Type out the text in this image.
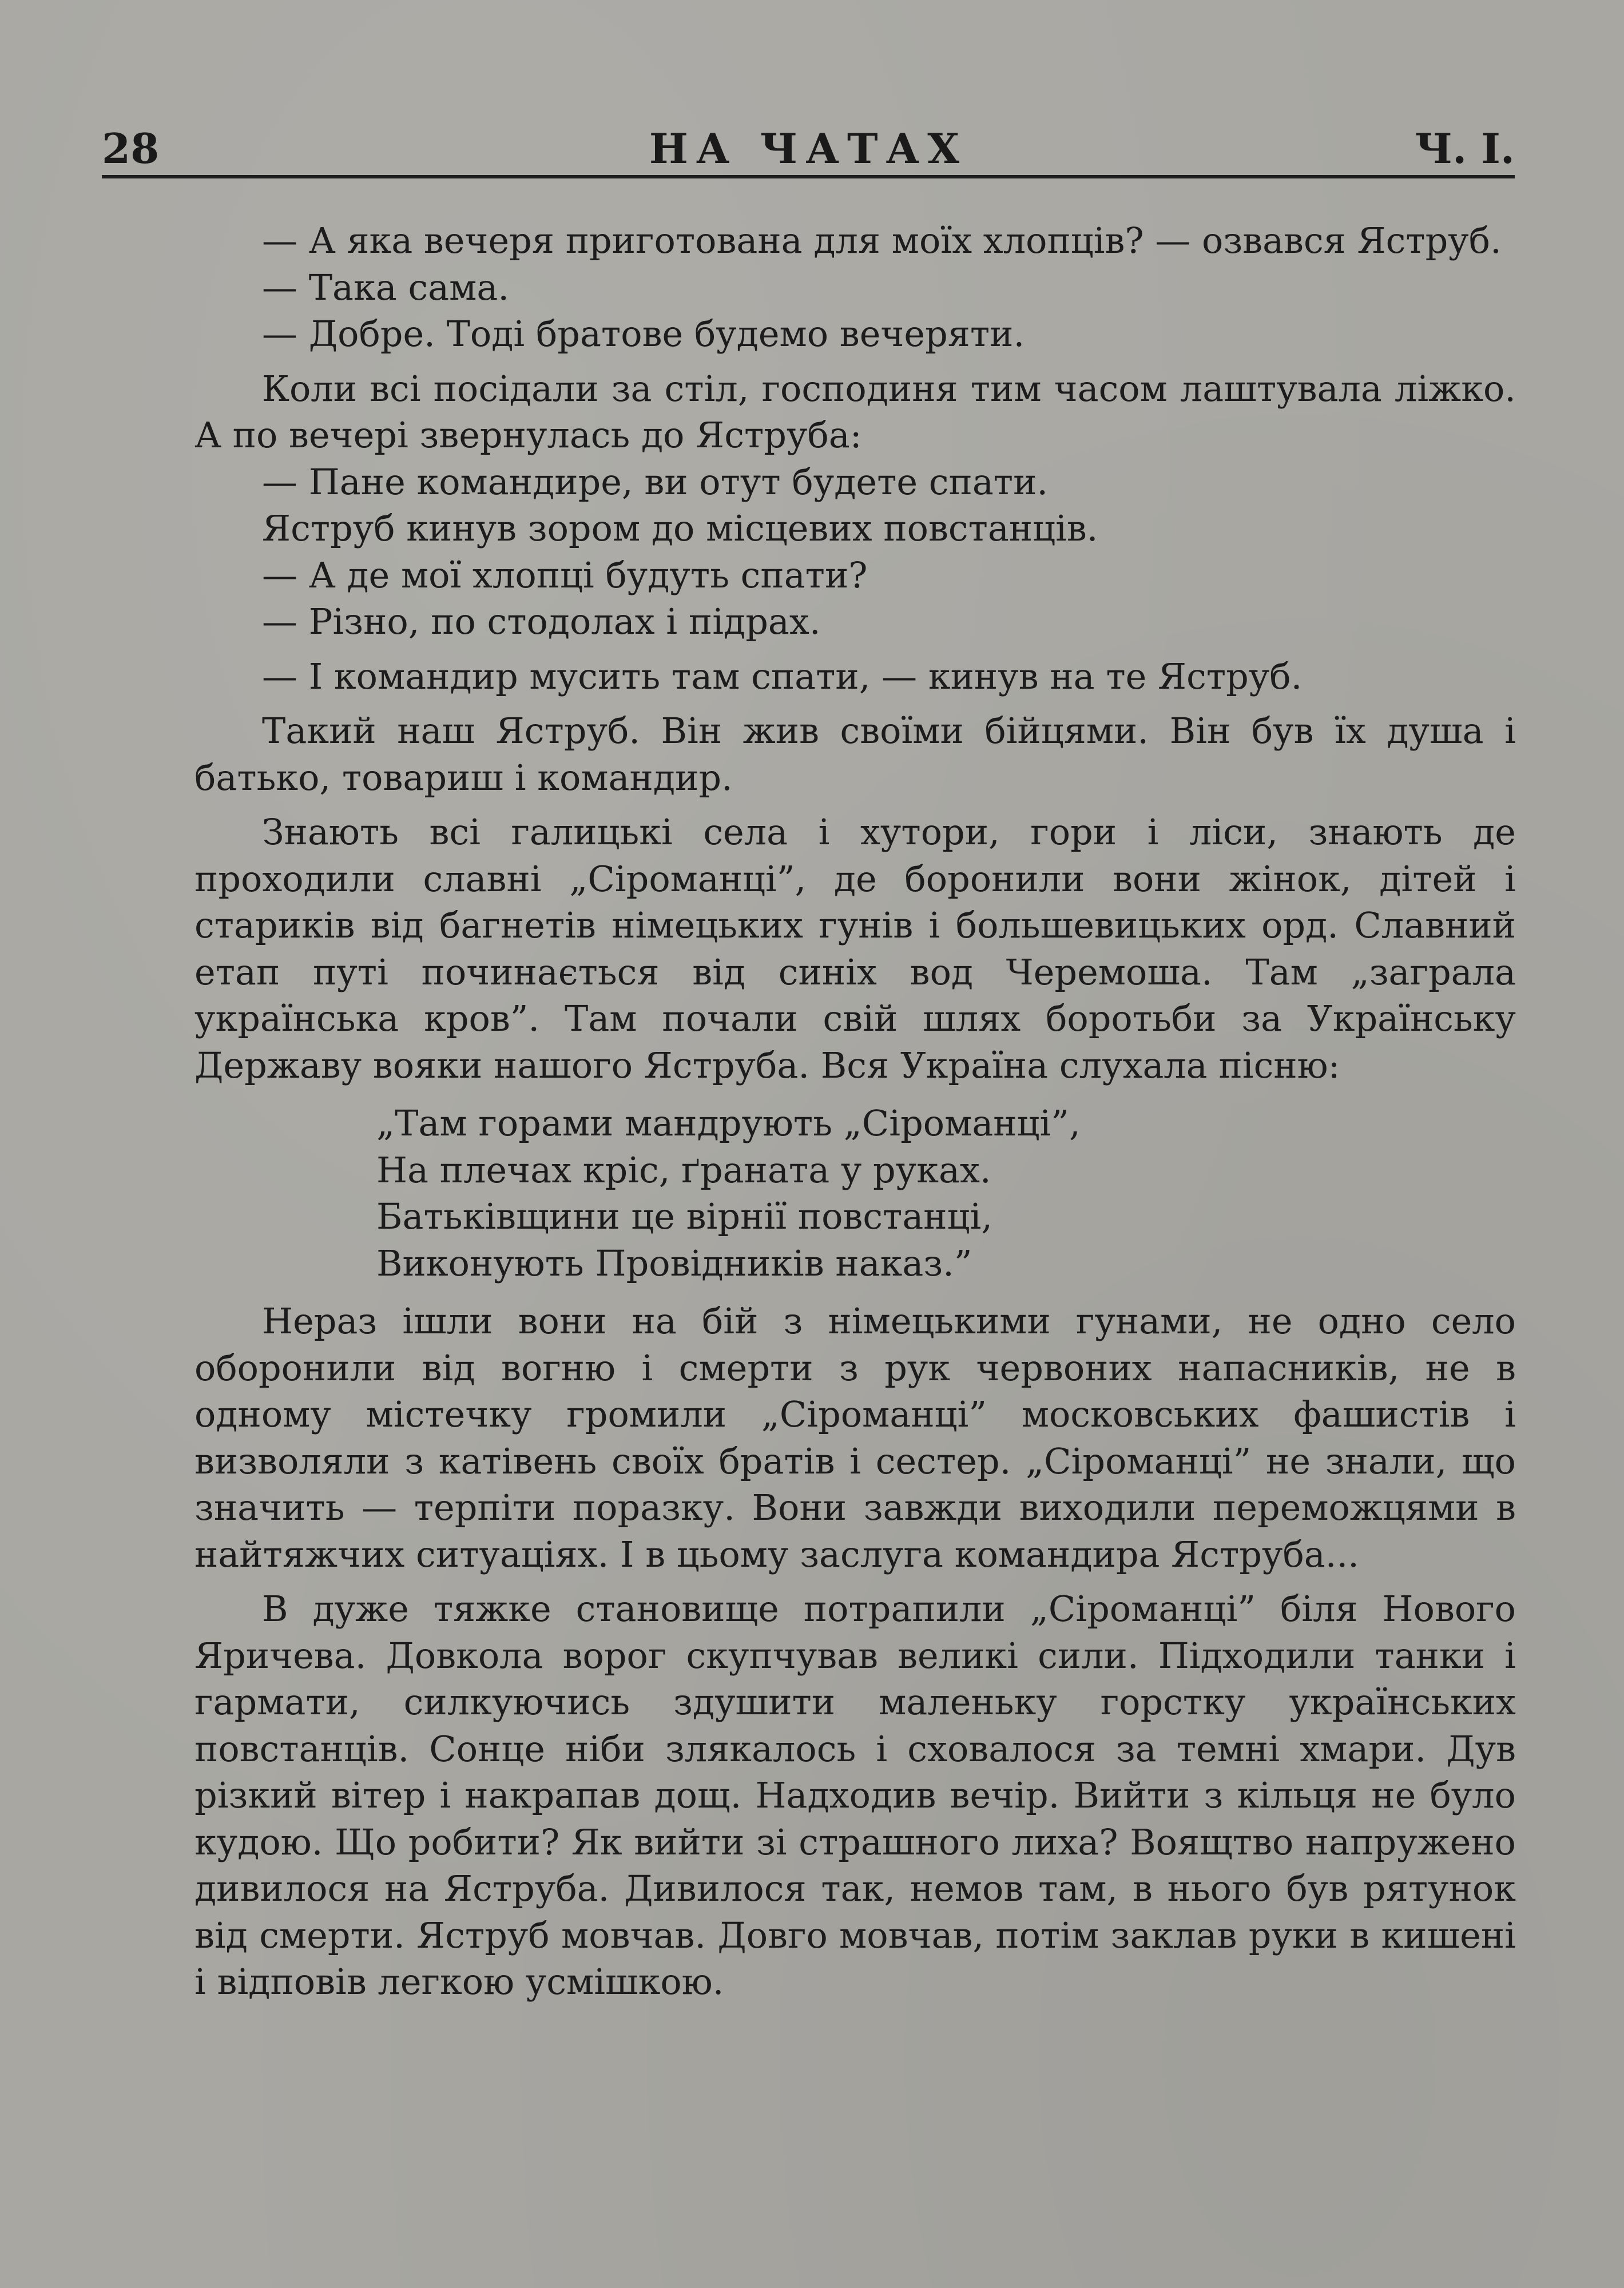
28	НА ЧАТАХ	Ч. I.

— А яка вечеря приготована для моїх хлопців? — озвався Яструб.

— Така сама.

— Добре. Тоді братове будемо вечеряти.

Коли всі посідали за стіл, господиня тим часом лаштувала ліжко. А по вечері звернулась до Яструба:

— Пане командире, ви отут будете спати.

Яструб кинув зором до місцевих повстанців.

— А де мої хлопці будуть спати?

— Різно, по стодолах і підрах.

— I командир мусить там спати, — кинув на те Яструб.

Такий наш Яструб. Він жив своїми бійцями. Він був їх душа і батько, товариш і командир.

Знають всі галицькі села і хутори, гори і ліси, знають де проходили славні „Сіроманці”, де боронили вони жінок, дітей і стариків від багнетів німецьких гунів і большевицьких орд. Славний етап путі починається від синіх вод Черемоша. Там „заграла українська кров”. Там почали свій шлях боротьби за Українську Державу вояки нашого Яструба. Вся Україна слухала пісню:

„Там горами мандрують „Сіроманці”,
На плечах кріс, ґраната у руках.
Батьківщини це вірнії повстанці,
Виконують Провідників наказ.”

Нераз ішли вони на бій з німецькими гунами, не одно село оборонили від вогню і смерти з рук червоних напасників, не в одному містечку громили „Сіроманці” московських фашистів і визволяли з катівень своїх братів і сестер. „Сіроманці” не знали, що значить — терпіти поразку. Вони завжди виходили переможцями в найтяжчих ситуаціях. I в цьому заслуга командира Яструба...

В дуже тяжке становище потрапили „Сіроманці” біля Нового Яричева. Довкола ворог скупчував великі сили. Підходили танки і гармати, силкуючись здушити маленьку горстку українських повстанців. Сонце ніби злякалось і сховалося за темні хмари. Дув різкий вітер і накрапав дощ. Надходив вечір. Вийти з кільця не було кудою. Що робити? Як вийти зі страшного лиха? Воящтво напружено дивилося на Яструба. Дивилося так, немов там, в нього був рятунок від смерти. Яструб мовчав. Довго мовчав, потім заклав руки в кишені і відповів легкою усмішкою.
